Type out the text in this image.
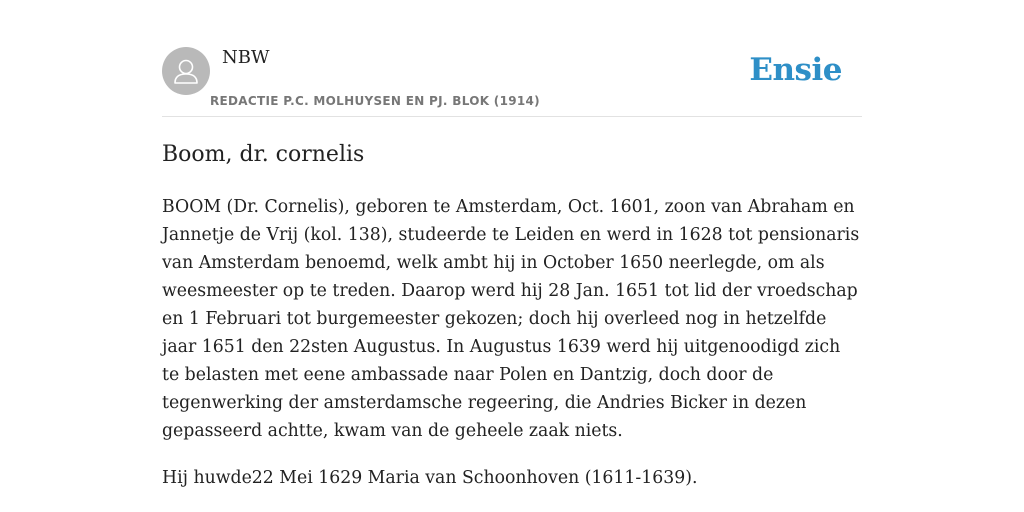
NBW
REDACTIE P.C. MOLHUYSEN EN PJ. BLOK (1914)
Ensie
Boom, dr. cornelis

BOOM (Dr. Cornelis), geboren te Amsterdam, Oct. 1601, zoon van Abraham en Jannetje de Vrij (kol. 138), studeerde te Leiden en werd in 1628 tot pensionaris van Amsterdam benoemd, welk ambt hij in October 1650 neerlegde, om als weesmeester op te treden. Daarop werd hij 28 Jan. 1651 tot lid der vroedschap en 1 Februari tot burgemeester gekozen; doch hij overleed nog in hetzelfde jaar 1651 den 22sten Augustus. In Augustus 1639 werd hij uitgenoodigd zich te belasten met eene ambassade naar Polen en Dantzig, doch door de tegenwerking der amsterdamsche regeering, die Andries Bicker in dezen gepasseerd achtte, kwam van de geheele zaak niets.

Hij huwde22 Mei 1629 Maria van Schoonhoven (1611-1639).
